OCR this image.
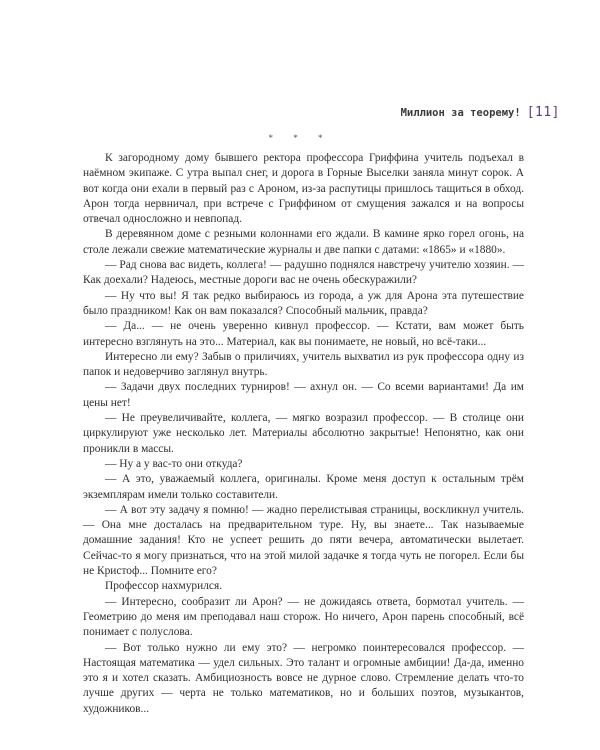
Миллион за теорему! [11]
* * *

К загородному дому бывшего ректора профессора Гриффина учитель подъехал в наёмном экипаже. С утра выпал снег, и дорога в Горные Выселки заняла минут сорок. А вот когда они ехали в первый раз с Ароном, из-за распутицы пришлось тащиться в обход. Арон тогда нервничал, при встрече с Гриффином от смущения зажался и на вопросы отвечал односложно и невпопад.

В деревянном доме с резными колоннами его ждали. В камине ярко горел огонь, на столе лежали свежие математические журналы и две папки с датами: «1865» и «1880».

— Рад снова вас видеть, коллега! — радушно поднялся навстречу учителю хозяин. — Как доехали? Надеюсь, местные дороги вас не очень обескуражили?

— Ну что вы! Я так редко выбираюсь из города, а уж для Арона эта путешествие было праздником! Как он вам показался? Способный мальчик, правда?

— Да... — не очень уверенно кивнул профессор. — Кстати, вам может быть интересно взглянуть на это... Материал, как вы понимаете, не новый, но всё-таки...

Интересно ли ему? Забыв о приличиях, учитель выхватил из рук профессора одну из папок и недоверчиво заглянул внутрь.

— Задачи двух последних турниров! — ахнул он. — Со всеми вариантами! Да им цены нет!

— Не преувеличивайте, коллега, — мягко возразил профессор. — В столице они циркулируют уже несколько лет. Материалы абсолютно закрытые! Непонятно, как они проникли в массы.

— Ну а у вас-то они откуда?

— А это, уважаемый коллега, оригиналы. Кроме меня доступ к остальным трём экземплярам имели только составители.

— А вот эту задачу я помню! — жадно перелистывая страницы, воскликнул учитель. — Она мне досталась на предварительном туре. Ну, вы знаете... Так называемые домашние задания! Кто не успеет решить до пяти вечера, автоматически вылетает. Сейчас-то я могу признаться, что на этой милой задачке я тогда чуть не погорел. Если бы не Кристоф... Помните его?

Профессор нахмурился.

— Интересно, сообразит ли Арон? — не дожидаясь ответа, бормотал учитель. — Геометрию до меня им преподавал наш сторож. Но ничего, Арон парень способный, всё понимает с полуслова.

— Вот только нужно ли ему это? — негромко поинтересовался профессор. — Настоящая математика — удел сильных. Это талант и огромные амбиции! Да-да, именно это я и хотел сказать. Амбициозность вовсе не дурное слово. Стремление делать что-то лучше других — черта не только математиков, но и больших поэтов, музыкантов, художников...
